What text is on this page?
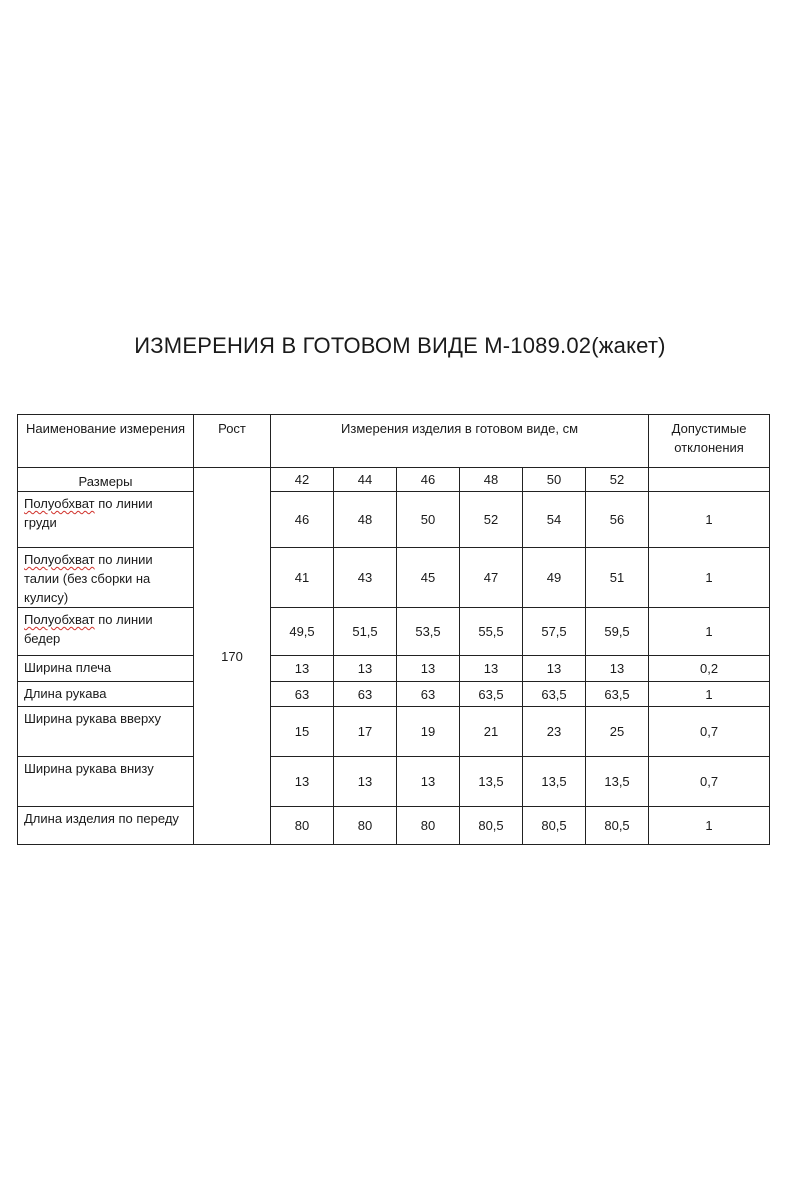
ИЗМЕРЕНИЯ В ГОТОВОМ ВИДЕ М-1089.02(жакет)
Наименование измерения	Рост	Измерения изделия в готовом виде, см						Допустимые отклонения
Размеры	170	42	44	46	48	50	52	
Полуобхват по линии груди		46	48	50	52	54	56	1
Полуобхват по линии талии (без сборки на кулису)		41	43	45	47	49	51	1
Полуобхват по линии бедер		49,5	51,5	53,5	55,5	57,5	59,5	1
Ширина плеча		13	13	13	13	13	13	0,2
Длина рукава		63	63	63	63,5	63,5	63,5	1
Ширина рукава вверху		15	17	19	21	23	25	0,7
Ширина рукава внизу		13	13	13	13,5	13,5	13,5	0,7
Длина изделия по переду		80	80	80	80,5	80,5	80,5	1
